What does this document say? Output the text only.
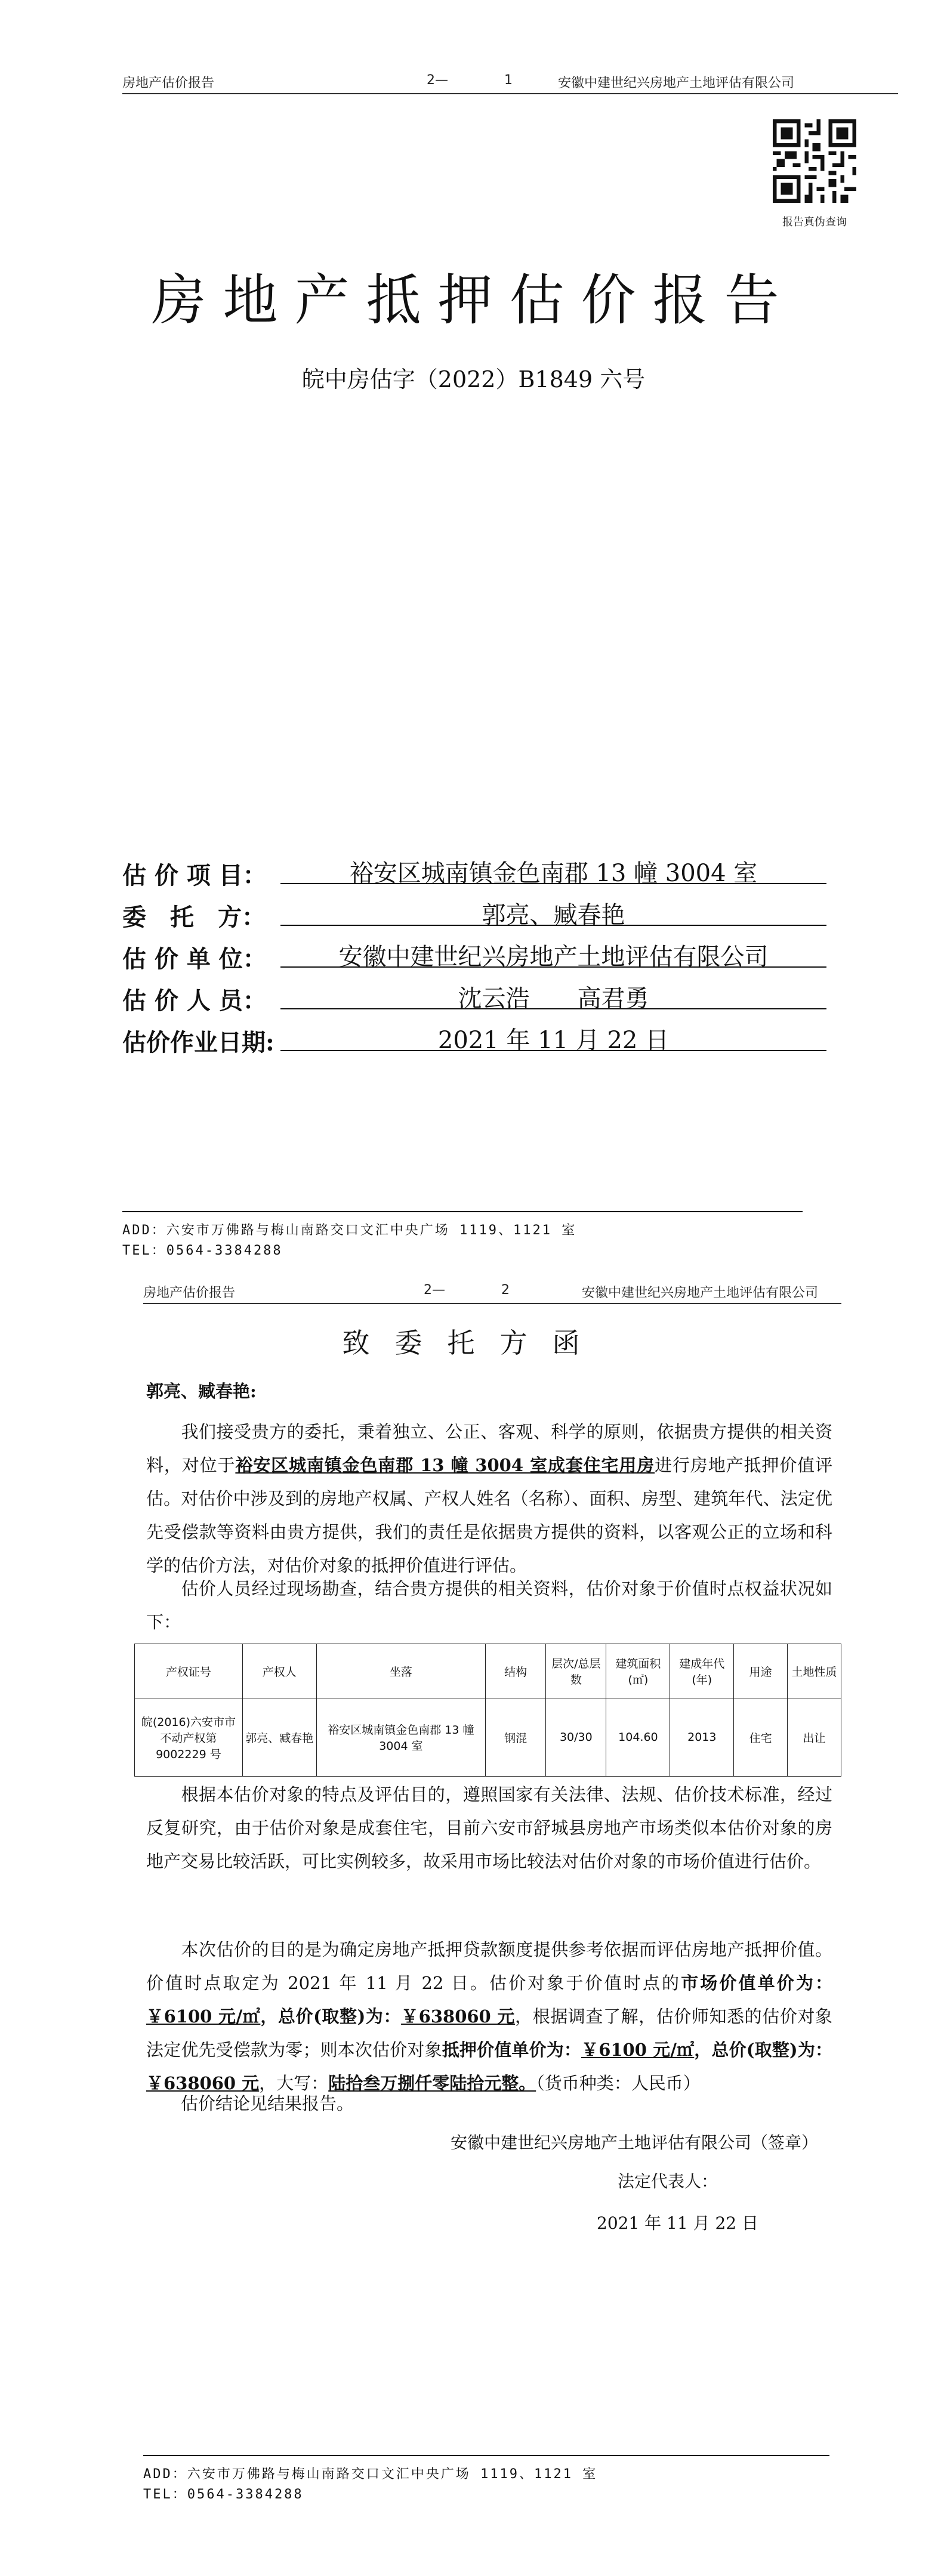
房地产估价报告	2—	1	安徽中建世纪兴房地产土地评估有限公司
报告真伪查询
房地产抵押估价报告
皖中房估字（2022）B1849 六号
估 价 项 目：	裕安区城南镇金色南郡 13 幢 3004 室
委　托　方：	郭亮、臧春艳
估 价 单 位：	安徽中建世纪兴房地产土地评估有限公司
估 价 人 员：	沈云浩　　高君勇
估价作业日期:	2021 年 11 月 22 日
ADD：六安市万佛路与梅山南路交口文汇中央广场 1119、1121 室
TEL：0564-3384288
房地产估价报告	2—	2	安徽中建世纪兴房地产土地评估有限公司
致委托方函
郭亮、臧春艳:
我们接受贵方的委托，秉着独立、公正、客观、科学的原则，依据贵方提供的相关资料，对位于裕安区城南镇金色南郡 13 幢 3004 室成套住宅用房进行房地产抵押价值评估。对估价中涉及到的房地产权属、产权人姓名（名称）、面积、房型、建筑年代、法定优先受偿款等资料由贵方提供，我们的责任是依据贵方提供的资料，以客观公正的立场和科学的估价方法，对估价对象的抵押价值进行评估。
估价人员经过现场勘查，结合贵方提供的相关资料，估价对象于价值时点权益状况如下：
产权证号	产权人	坐落	结构	层次/总层数	建筑面积(㎡)	建成年代(年)	用途	土地性质
皖(2016)六安市市不动产权第 9002229 号	郭亮、臧春艳	裕安区城南镇金色南郡 13 幢 3004 室	钢混	30/30	104.60	2013	住宅	出让
根据本估价对象的特点及评估目的，遵照国家有关法律、法规、估价技术标准，经过反复研究，由于估价对象是成套住宅，目前六安市舒城县房地产市场类似本估价对象的房地产交易比较活跃，可比实例较多，故采用市场比较法对估价对象的市场价值进行估价。
本次估价的目的是为确定房地产抵押贷款额度提供参考依据而评估房地产抵押价值。价值时点取定为 2021 年 11 月 22 日。估价对象于价值时点的市场价值单价为：￥6100 元/㎡，总价(取整)为：￥638060 元，根据调查了解，估价师知悉的估价对象法定优先受偿款为零；则本次估价对象抵押价值单价为：￥6100 元/㎡，总价(取整)为：￥638060 元，大写：陆拾叁万捌仟零陆拾元整。（货币种类：人民币）
估价结论见结果报告。
安徽中建世纪兴房地产土地评估有限公司（签章）
法定代表人：
2021 年 11 月 22 日
ADD：六安市万佛路与梅山南路交口文汇中央广场 1119、1121 室
TEL：0564-3384288
